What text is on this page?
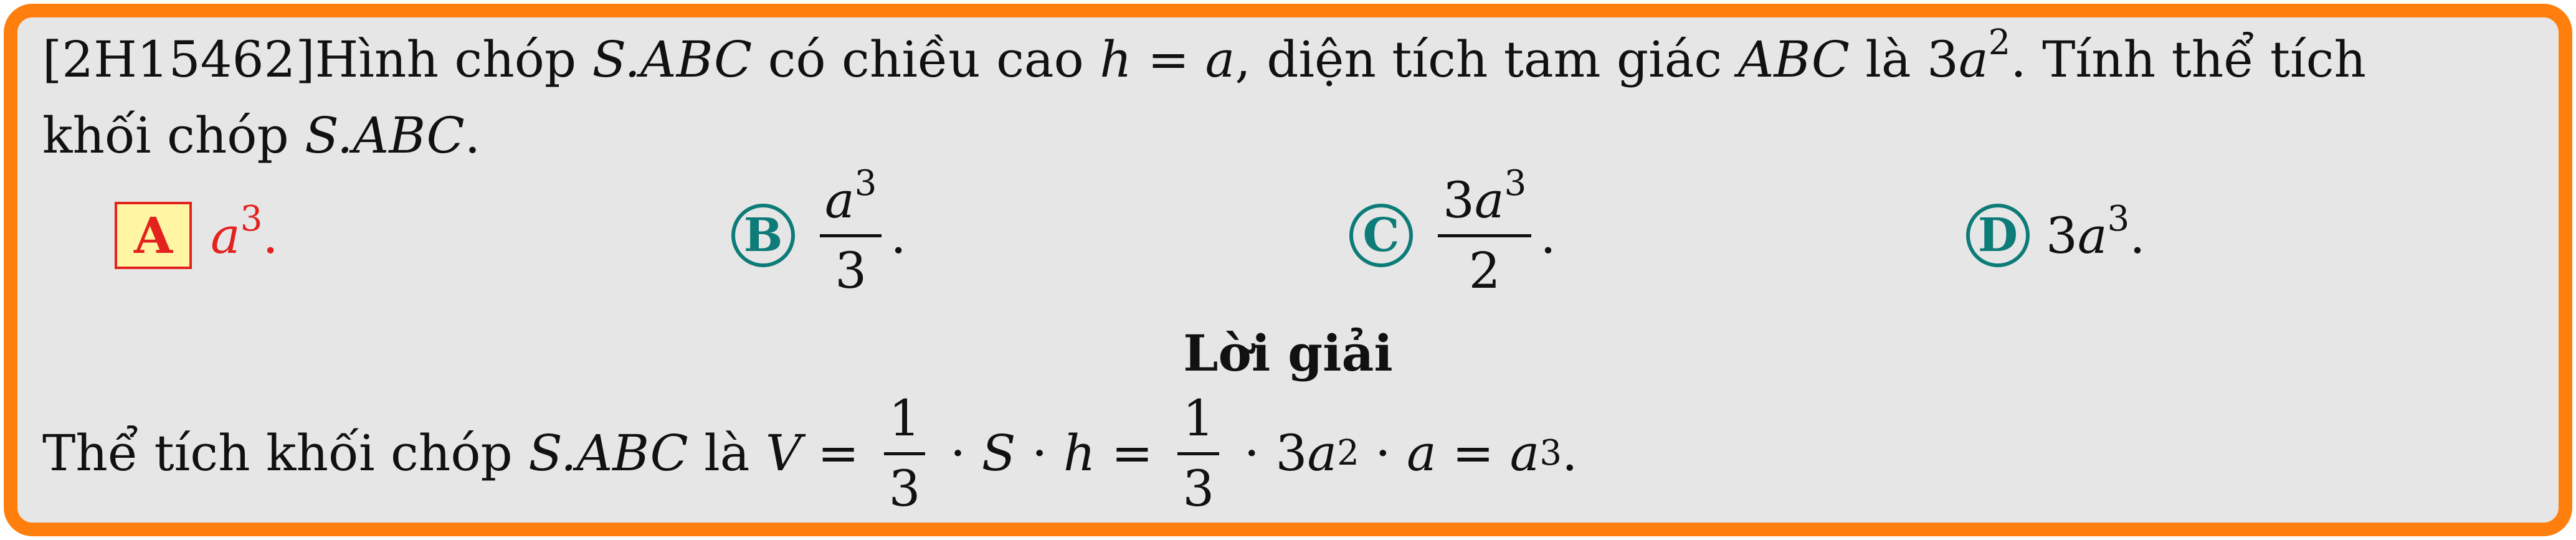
[2H15462]Hình chóp S.ABC có chiều cao h = a, diện tích tam giác ABC là $3a^2$. Tính thể tích
khối chóp S.ABC.
A $a^3$.	B $\frac{a^3}{3}$ .	C $\frac{3a^3}{2}$ .	D $3a^3$.
Lời giải
Thể tích khối chóp S.ABC là $V = \frac{1}{3} \cdot S \cdot h = \frac{1}{3} \cdot 3$ a 2 · a = a 3 .
